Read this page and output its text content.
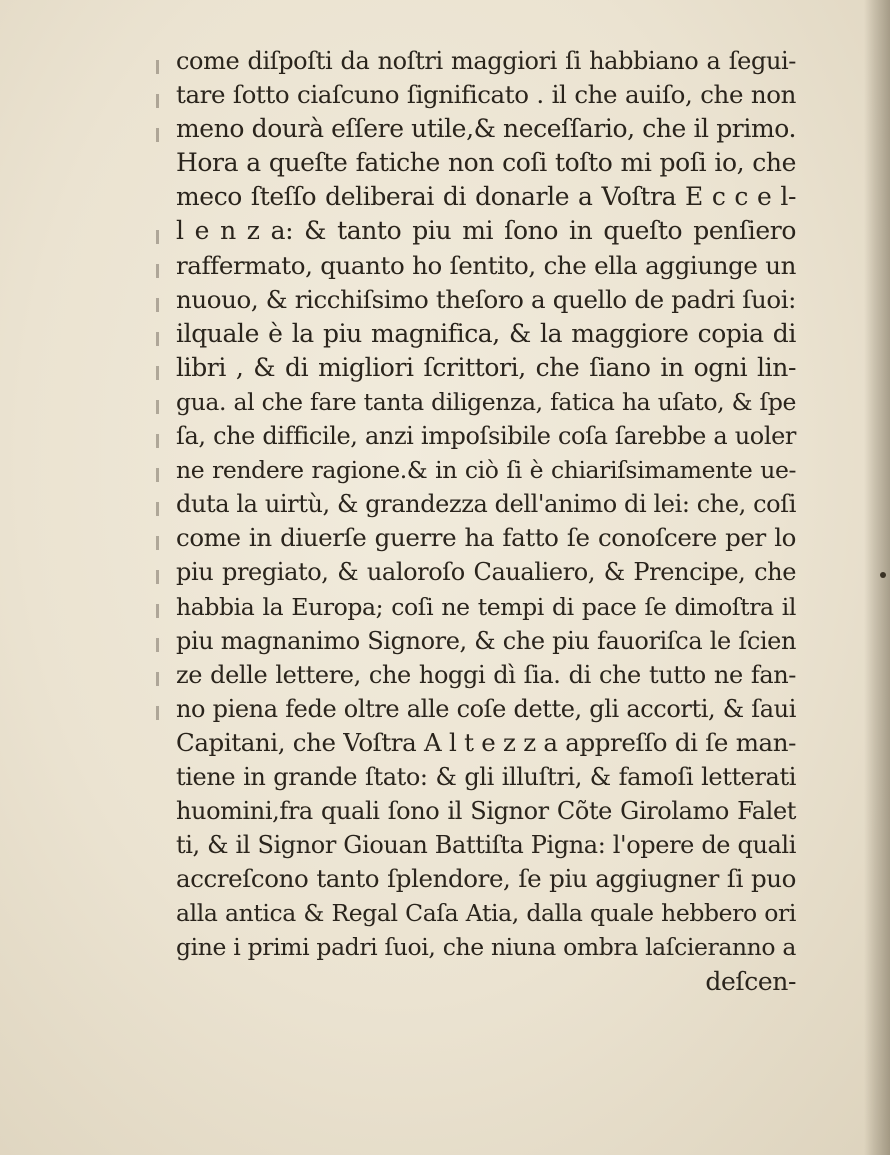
come diſpoſti da noſtri maggiori ſi habbiano a ſegui-
tare ſotto ciaſcuno ſignificato . il che auiſo, che non
meno dourà eſſere utile,& neceſſario, che il primo.
Hora a queſte fatiche non coſi toſto mi poſi io, che
meco ſteſſo deliberai di donarle a Voſtra E c c e l-
l e n z a: & tanto piu mi ſono in queſto penſiero
raffermato, quanto ho ſentito, che ella aggiunge un
nuouo, & ricchiſsimo theſoro a quello de padri ſuoi:
ilquale è la piu magnifica, & la maggiore copia di
libri , & di migliori ſcrittori, che ſiano in ogni lin-
gua. al che fare tanta diligenza, fatica ha uſato, & ſpe
ſa, che difficile, anzi impoſsibile coſa ſarebbe a uoler
ne rendere ragione.& in ciò ſi è chiariſsimamente ue-
duta la uirtù, & grandezza dell'animo di lei: che, coſi
come in diuerſe guerre ha fatto ſe conoſcere per lo
piu pregiato, & ualoroſo Caualiero, & Prencipe, che
habbia la Europa; coſi ne tempi di pace ſe dimoſtra il
piu magnanimo Signore, & che piu fauoriſca le ſcien
ze delle lettere, che hoggi dì ſia. di che tutto ne fan-
no piena fede oltre alle coſe dette, gli accorti, & ſaui
Capitani, che Voſtra A l t e z z a appreſſo di ſe man-
tiene in grande ſtato: & gli illuſtri, & famoſi letterati
huomini,fra quali ſono il Signor Cõte Girolamo Falet
ti, & il Signor Giouan Battiſta Pigna: l'opere de quali
accreſcono tanto ſplendore, ſe piu aggiugner ſi puo
alla antica & Regal Caſa Atia, dalla quale hebbero ori
gine i primi padri ſuoi, che niuna ombra laſcieranno a
deſcen-
